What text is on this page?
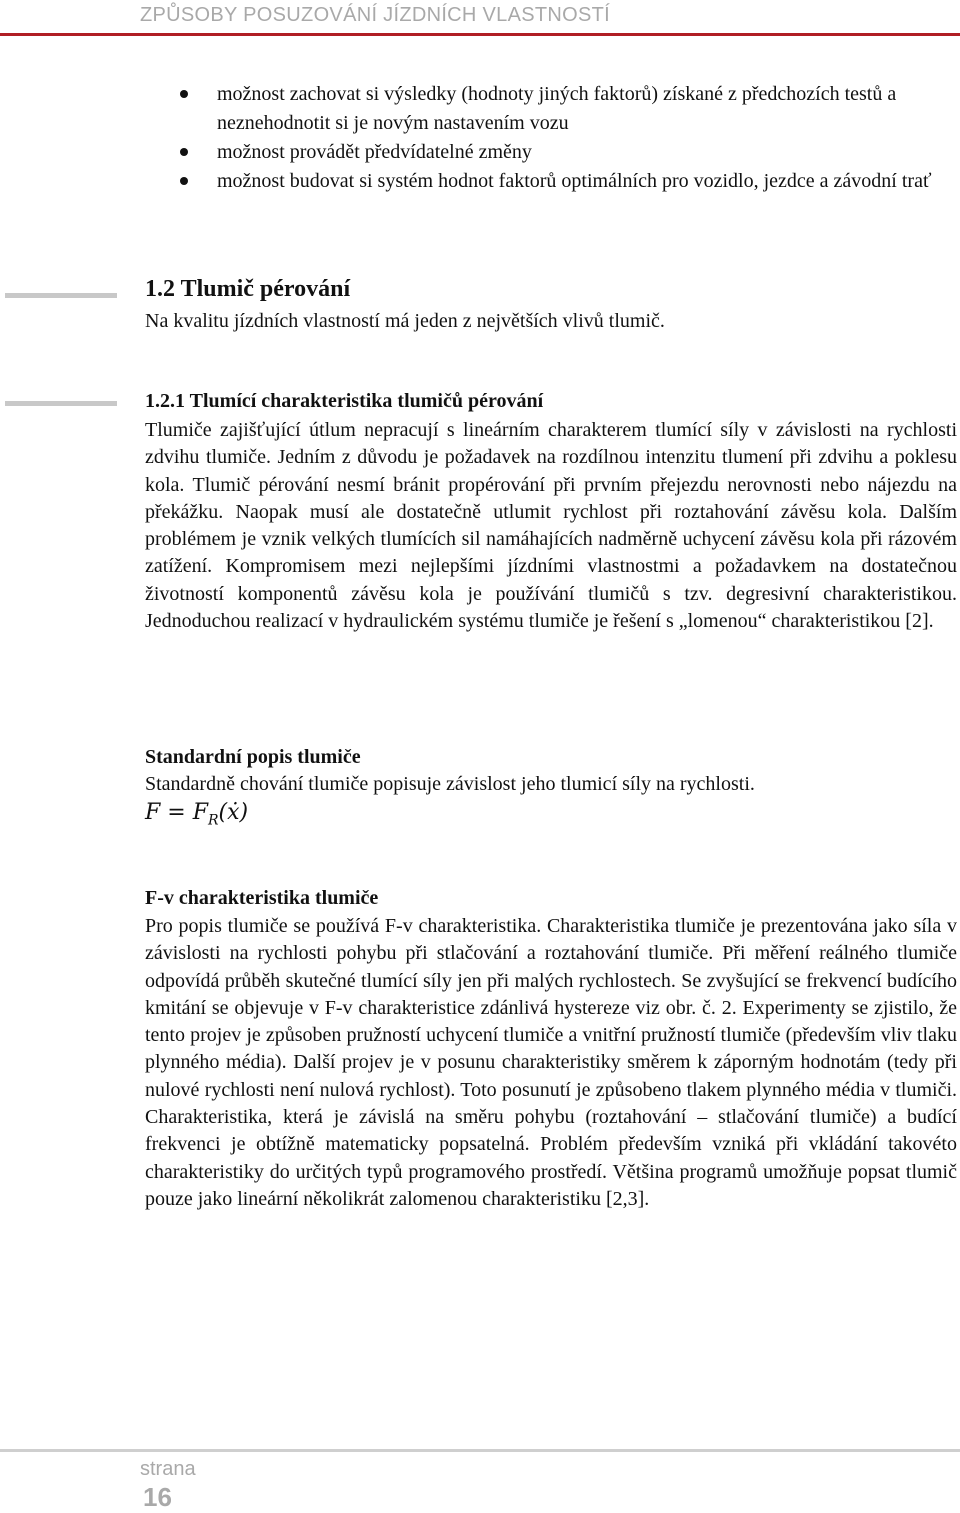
ZPŮSOBY POSUZOVÁNÍ JÍZDNÍCH VLASTNOSTÍ
možnost zachovat si výsledky (hodnoty jiných faktorů) získané z předchozích testů a neznehodnotit si je novým nastavením vozu
možnost provádět předvídatelné změny
možnost budovat si systém hodnot faktorů optimálních pro vozidlo, jezdce a závodní trať
1.2 Tlumič pérování
Na kvalitu jízdních vlastností má jeden z největších vlivů tlumič.
1.2.1 Tlumící charakteristika tlumičů pérování

Tlumiče zajišťující útlum nepracují s lineárním charakterem tlumící síly v závislosti na rychlosti zdvihu tlumiče. Jedním z důvodu je požadavek na rozdílnou intenzitu tlumení při zdvihu a poklesu kola. Tlumič pérování nesmí bránit propérování při prvním přejezdu nerovnosti nebo nájezdu na překážku. Naopak musí ale dostatečně utlumit rychlost při roztahování závěsu kola. Dalším problémem je vznik velkých tlumících sil namáhajících nadměrně uchycení závěsu kola při rázovém zatížení. Kompromisem mezi nejlepšími jízdními vlastnostmi a požadavkem na dostatečnou životností komponentů závěsu kola je používání tlumičů s tzv. degresivní charakteristikou. Jednoduchou realizací v hydraulickém systému tlumiče je řešení s „lomenou“ charakteristikou [2].

Standardní popis tlumiče
Standardně chování tlumiče popisuje závislost jeho tlumicí síly na rychlosti.
$F = F_R(ẋ)$
F-v charakteristika tlumiče

Pro popis tlumiče se používá F-v charakteristika. Charakteristika tlumiče je prezentována jako síla v závislosti na rychlosti pohybu při stlačování a roztahování tlumiče. Při měření reálného tlumiče odpovídá průběh skutečné tlumící síly jen při malých rychlostech. Se zvyšující se frekvencí budícího kmitání se objevuje v F-v charakteristice zdánlivá hystereze viz obr. č. 2. Experimenty se zjistilo, že tento projev je způsoben pružností uchycení tlumiče a vnitřní pružností tlumiče (především vliv tlaku plynného média). Další projev je v posunu charakteristiky směrem k záporným hodnotám (tedy při nulové rychlosti není nulová rychlost). Toto posunutí je způsobeno tlakem plynného média v tlumiči. Charakteristika, která je závislá na směru pohybu (roztahování – stlačování tlumiče) a budící frekvenci je obtížně matematicky popsatelná. Problém především vzniká při vkládání takovéto charakteristiky do určitých typů programového prostředí. Většina programů umožňuje popsat tlumič pouze jako lineární několikrát zalomenou charakteristiku [2,3].

strana
16
